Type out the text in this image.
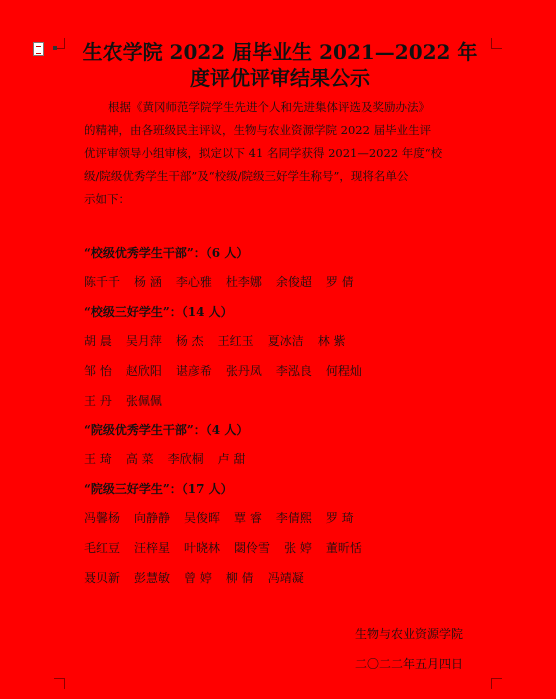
生农学院 2022 届毕业生 2021—2022 年
度评优评审结果公示
根据《黄冈师范学院学生先进个人和先进集体评选及奖励办法》
的精神，由各班级民主评议，生物与农业资源学院 2022 届毕业生评
优评审领导小组审核，拟定以下 41 名同学获得 2021—2022 年度“校
级/院级优秀学生干部”及“校级/院级三好学生称号”，现将名单公
示如下：
“校级优秀学生干部”：（6 人）
陈千千 杨 涵 李心雅 杜李娜 余俊超 罗 倩
“校级三好学生”：（14 人）
胡 晨 吴月萍 杨 杰 王红玉 夏冰洁 林 紫
邹 怡 赵欣阳 谌彦希 张丹凤 李泓良 何程灿
王 丹 张佩佩
“院级优秀学生干部”：（4 人）
王 琦 高 菜 李欣桐 卢 甜
“院级三好学生”：（17 人）
冯馨杨 向静静 吴俊晖 覃 睿 李倩熙 罗 琦
毛红豆 汪梓星 叶晓林 閟伶雪 张 婷 董昕恬
聂贝新 彭慧敏 曾 婷 柳 倩 冯靖凝
生物与农业资源学院
二〇二二年五月四日
